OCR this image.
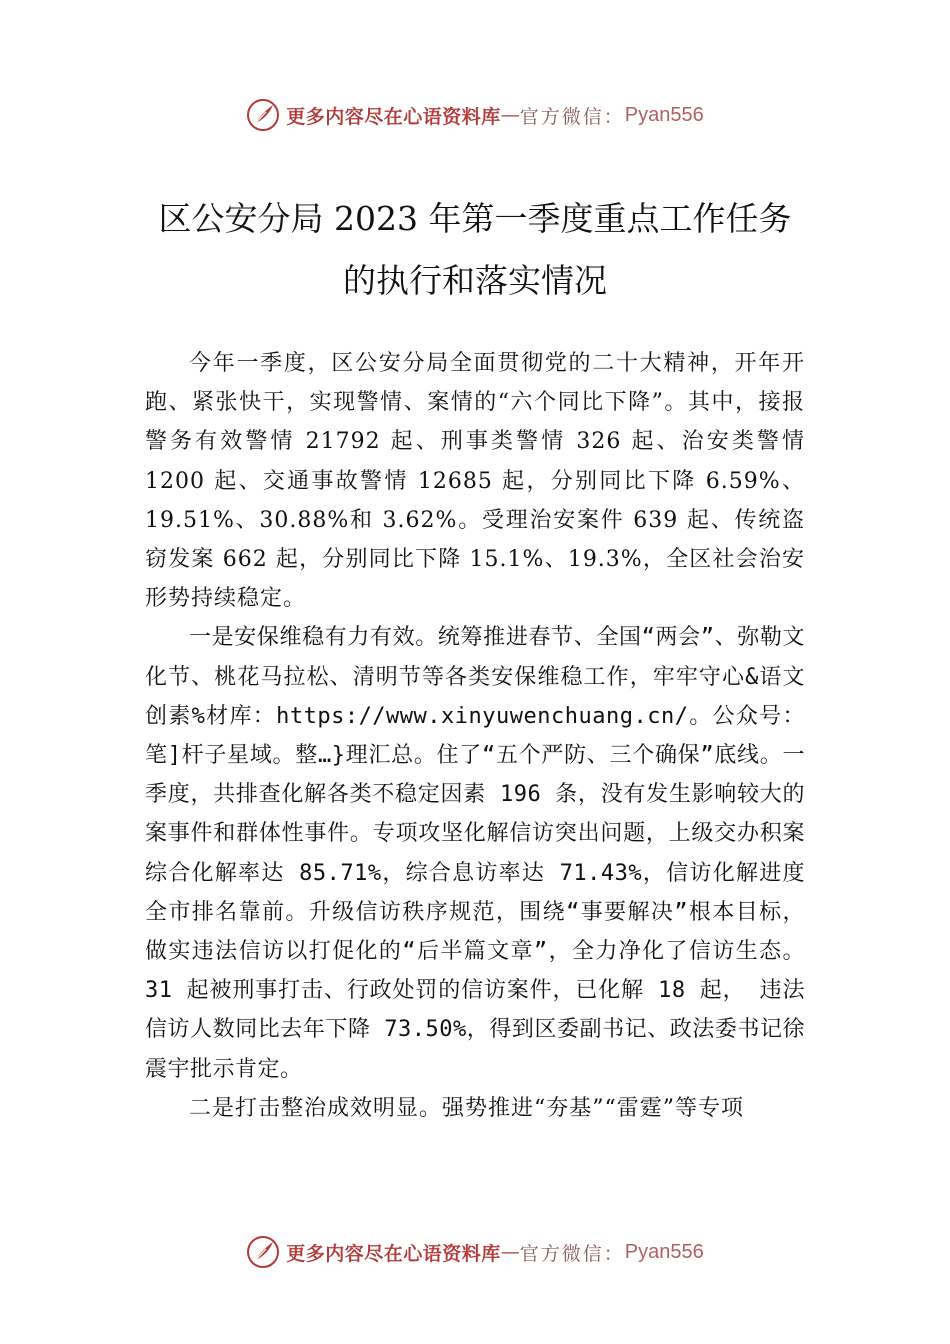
更多内容尽在心语资料库 — 官方微信： Pyan556
区公安分局 2023 年第一季度重点工作任务
的执行和落实情况

今年一季度，区公安分局全面贯彻党的二十大精神，开年开跑、紧张快干，实现警情、案情的“六个同比下降”。其中，接报警务有效警情 21792 起、刑事类警情 326 起、治安类警情 1200 起、交通事故警情 12685 起，分别同比下降 6.59%、19.51%、30.88%和 3.62%。受理治安案件 639 起、传统盗窃发案 662 起，分别同比下降 15.1%、19.3%，全区社会治安形势持续稳定。

一是安保维稳有力有效。统筹推进春节、全国“两会”、弥勒文化节、桃花马拉松、清明节等各类安保维稳工作，牢牢守心&语文创素%材库：https://www.xinyuwenchuang.cn/。公众号：笔]杆子星域。整…}理汇总。住了“五个严防、三个确保”底线。一季度，共排查化解各类不稳定因素 196 条，没有发生影响较大的案事件和群体性事件。专项攻坚化解信访突出问题，上级交办积案综合化解率达 85.71%，综合息访率达 71.43%，信访化解进度全市排名靠前。升级信访秩序规范，围绕“事要解决”根本目标， 做实违法信访以打促化的“后半篇文章”，全力净化了信访生态。31 起被刑事打击、行政处罚的信访案件，已化解 18 起， 违法信访人数同比去年下降 73.50%，得到区委副书记、政法委书记徐震宇批示肯定。

二是打击整治成效明显。强势推进“夯基”“雷霆”等专项

更多内容尽在心语资料库 — 官方微信： Pyan556
